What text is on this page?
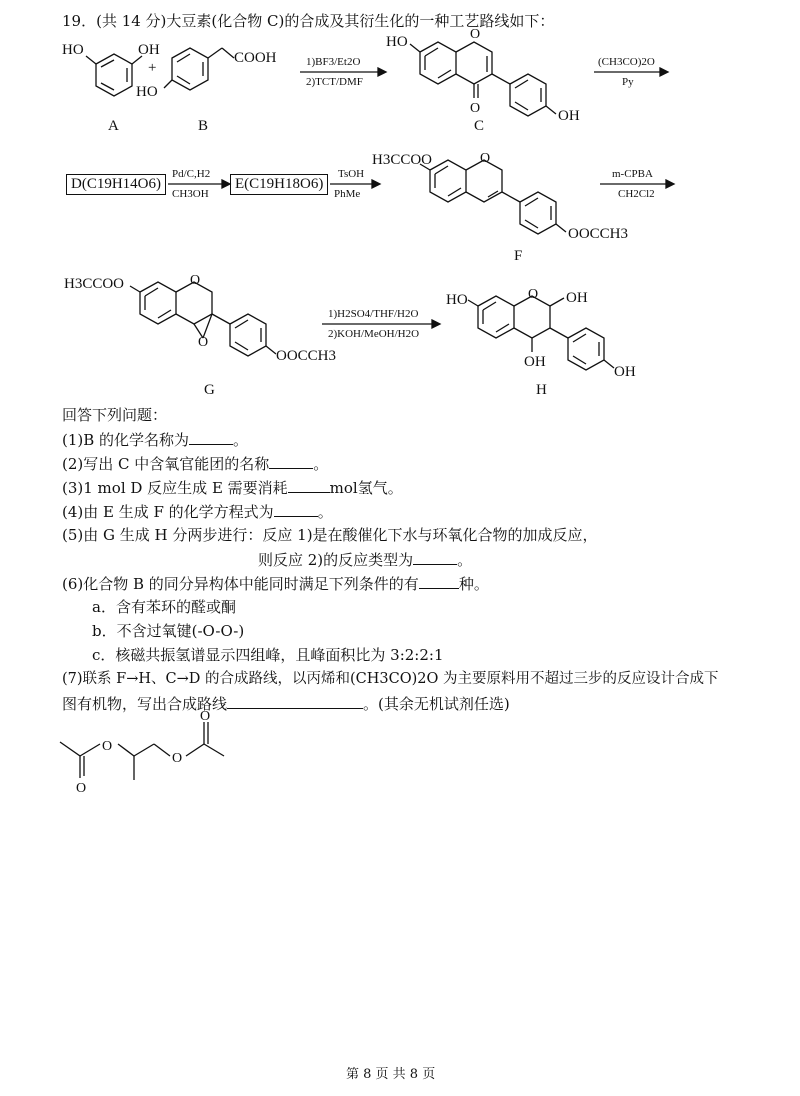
19．(共 14 分)大豆素(化合物 C)的合成及其衍生化的一种工艺路线如下：
O
O
O
O
O
O
O
O
O
O
HO	OH
+
HO
COOH
A	B
1)BF3/Et2O
2)TCT/DMF
HO
OH
C
(CH3CO)2O
Py
D(C19H14O6)
Pd/C,H2
CH3OH
E(C19H18O6)
TsOH
PhMe
H3CCOO
OOCCH3
F
m-CPBA
CH2Cl2
H3CCOO
OOCCH3
G
1)H2SO4/THF/H2O
2)KOH/MeOH/H2O
HO	OH
OH
OH
H
回答下列问题：
(1)B 的化学名称为	。
(2)写出 C 中含氧官能团的名称	。
(3)1 mol D 反应生成 E 需要消耗	mol氢气。
(4)由 E 生成 F 的化学方程式为	。
(5)由 G 生成 H 分两步进行：反应 1)是在酸催化下水与环氧化合物的加成反应，
则反应 2)的反应类型为	。
(6)化合物 B 的同分异构体中能同时满足下列条件的有	种。
a．含有苯环的醛或酮
b．不含过氧键(-O-O-)
c．核磁共振氢谱显示四组峰，且峰面积比为 3:2:2:1
(7)联系 F→H、C→D 的合成路线，以丙烯和(CH3CO)2O 为主要原料用不超过三步的反应设计合成下
图有机物，写出合成路线	。(其余无机试剂任选)
第 8 页 共 8 页
